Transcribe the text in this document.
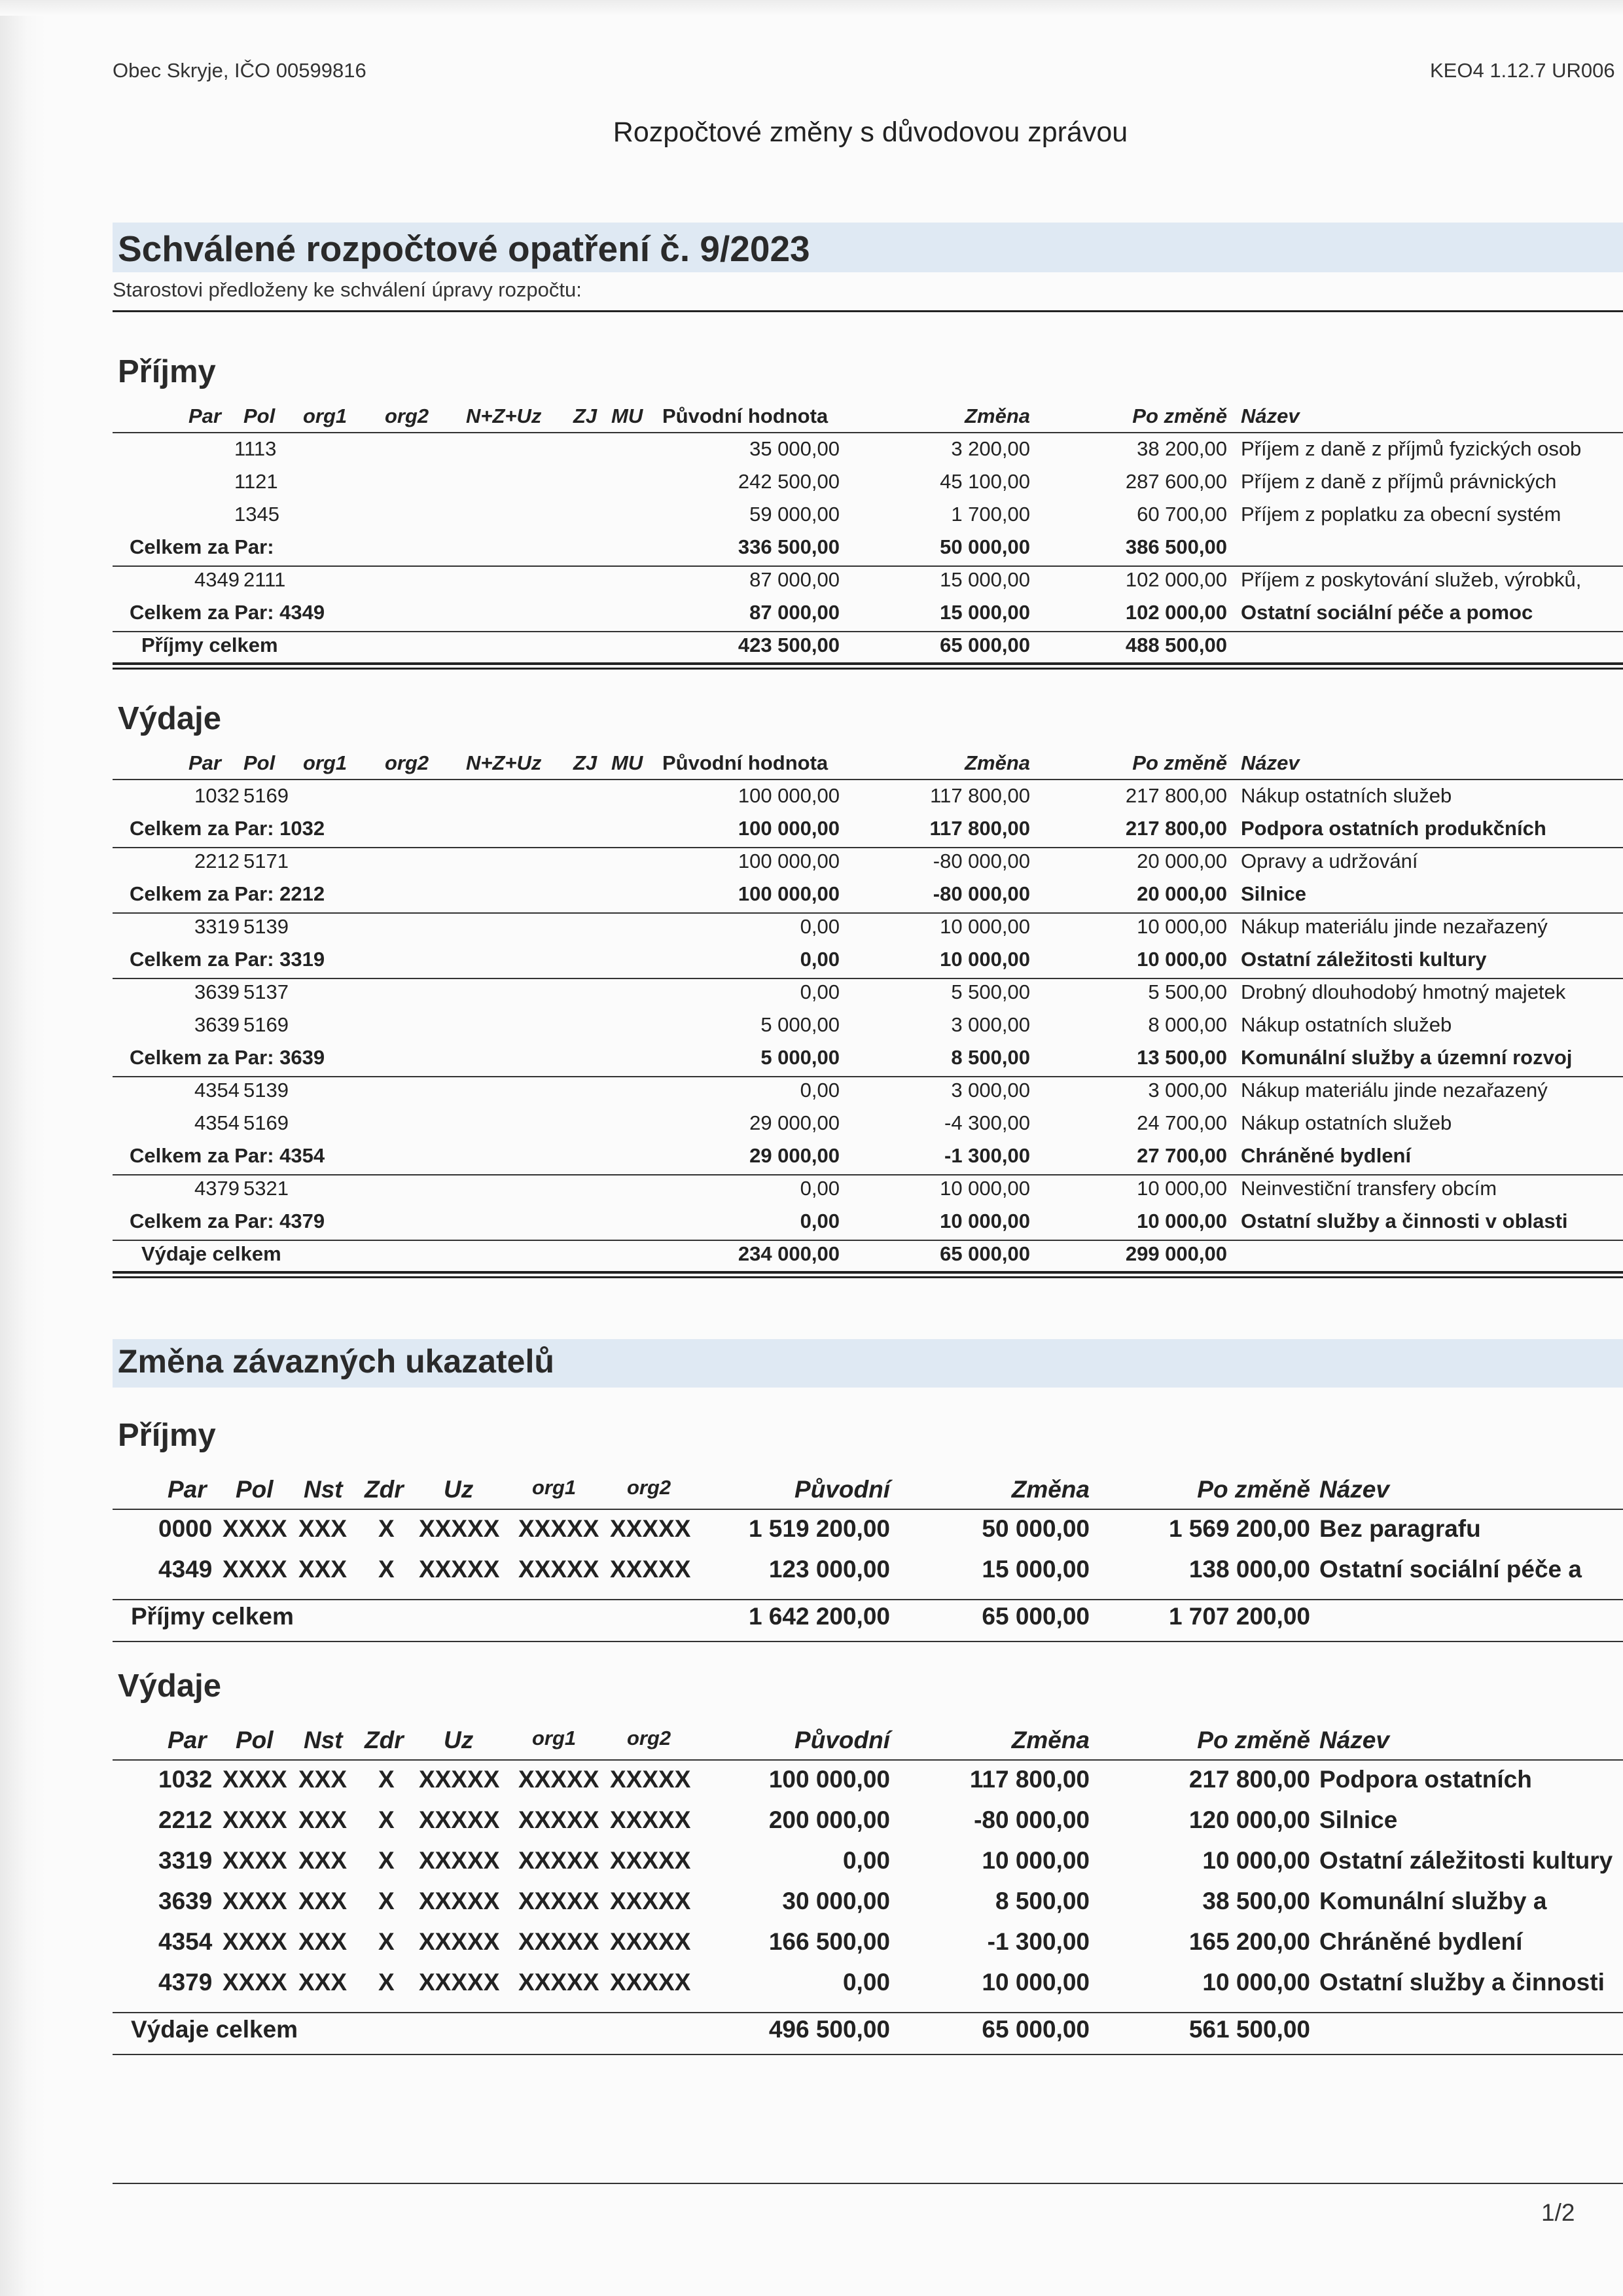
Obec Skryje, IČO 00599816	KEO4 1.12.7 UR006
Rozpočtové změny s důvodovou zprávou
Schválené rozpočtové opatření č. 9/2023
Starostovi předloženy ke schválení úpravy rozpočtu:
Příjmy
Par Pol org1 org2 N+Z+Uz ZJ MU Původní hodnota	Změna	Po změně Název
1113	35 000,00	3 200,00	38 200,00 Příjem z daně z příjmů fyzických osob
1121	242 500,00	45 100,00	287 600,00 Příjem z daně z příjmů právnických
1345	59 000,00	1 700,00	60 700,00 Příjem z poplatku za obecní systém
Celkem za Par:	336 500,00	50 000,00	386 500,00
4349 2111	87 000,00	15 000,00	102 000,00 Příjem z poskytování služeb, výrobků,
Celkem za Par: 4349	87 000,00	15 000,00	102 000,00 Ostatní sociální péče a pomoc
Příjmy celkem	423 500,00	65 000,00	488 500,00
Výdaje
Par Pol org1 org2 N+Z+Uz ZJ MU Původní hodnota	Změna	Po změně Název
1032 5169	100 000,00	117 800,00	217 800,00 Nákup ostatních služeb
Celkem za Par: 1032	100 000,00	117 800,00	217 800,00 Podpora ostatních produkčních
2212 5171	100 000,00	-80 000,00	20 000,00 Opravy a udržování
Celkem za Par: 2212	100 000,00	-80 000,00	20 000,00 Silnice
3319 5139	0,00	10 000,00	10 000,00 Nákup materiálu jinde nezařazený
Celkem za Par: 3319	0,00	10 000,00	10 000,00 Ostatní záležitosti kultury
3639 5137	0,00	5 500,00	5 500,00 Drobný dlouhodobý hmotný majetek
3639 5169	5 000,00	3 000,00	8 000,00 Nákup ostatních služeb
Celkem za Par: 3639	5 000,00	8 500,00	13 500,00 Komunální služby a územní rozvoj
4354 5139	0,00	3 000,00	3 000,00 Nákup materiálu jinde nezařazený
4354 5169	29 000,00	-4 300,00	24 700,00 Nákup ostatních služeb
Celkem za Par: 4354	29 000,00	-1 300,00	27 700,00 Chráněné bydlení
4379 5321	0,00	10 000,00	10 000,00 Neinvestiční transfery obcím
Celkem za Par: 4379	0,00	10 000,00	10 000,00 Ostatní služby a činnosti v oblasti
Výdaje celkem	234 000,00	65 000,00	299 000,00
Změna závazných ukazatelů
Příjmy
Par Pol Nst Zdr Uz	org1	org2	Původní	Změna	Po změně Název
0000 XXXX XXX X XXXXX XXXXX XXXXX 1 519 200,00	50 000,00	1 569 200,00 Bez paragrafu
4349 XXXX XXX X XXXXX XXXXX XXXXX	123 000,00	15 000,00	138 000,00 Ostatní sociální péče a
Příjmy celkem	1 642 200,00	65 000,00	1 707 200,00
Výdaje
Par Pol Nst Zdr Uz	org1	org2	Původní	Změna	Po změně Název
1032 XXXX XXX X XXXXX XXXXX XXXXX	100 000,00	117 800,00	217 800,00 Podpora ostatních
2212 XXXX XXX X XXXXX XXXXX XXXXX	200 000,00	-80 000,00	120 000,00 Silnice
3319 XXXX XXX X XXXXX XXXXX XXXXX	0,00	10 000,00	10 000,00 Ostatní záležitosti kultury
3639 XXXX XXX X XXXXX XXXXX XXXXX	30 000,00	8 500,00	38 500,00 Komunální služby a
4354 XXXX XXX X XXXXX XXXXX XXXXX	166 500,00	-1 300,00	165 200,00 Chráněné bydlení
4379 XXXX XXX X XXXXX XXXXX XXXXX	0,00	10 000,00	10 000,00 Ostatní služby a činnosti
Výdaje celkem	496 500,00	65 000,00	561 500,00
1/2
